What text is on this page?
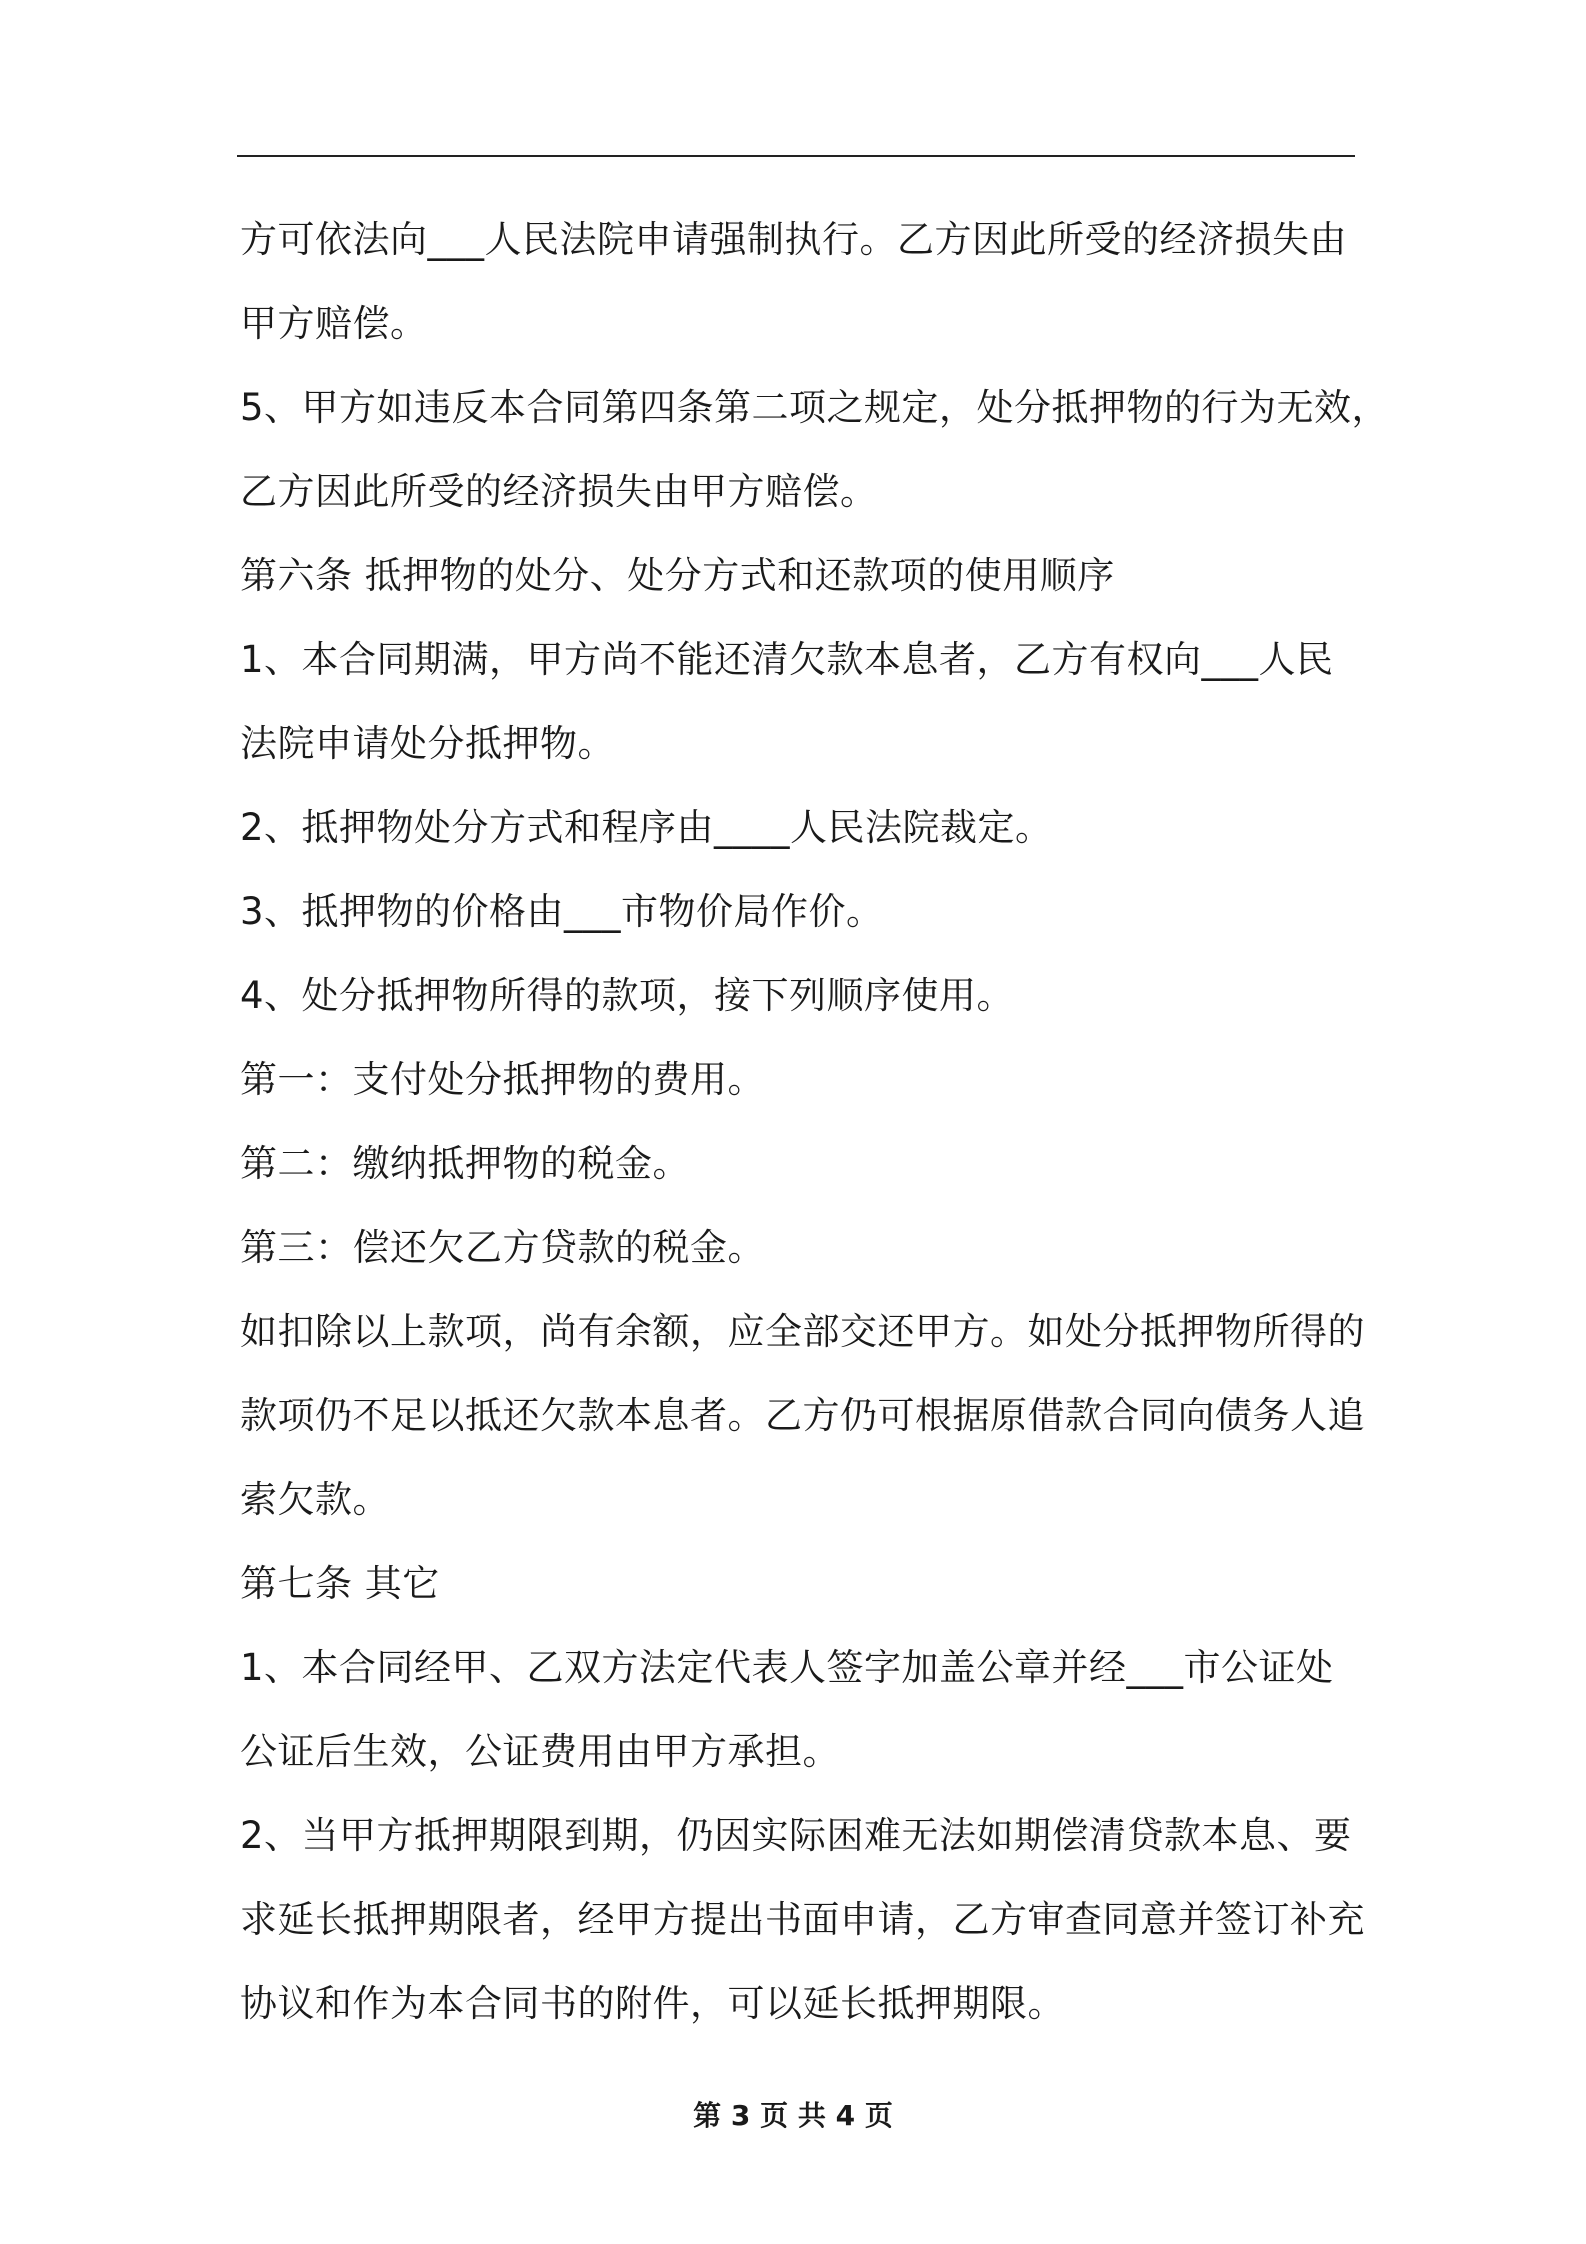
方可依法向___人民法院申请强制执行。乙方因此所受的经济损失由
甲方赔偿。
5、甲方如违反本合同第四条第二项之规定，处分抵押物的行为无效，
乙方因此所受的经济损失由甲方赔偿。
第六条 抵押物的处分、处分方式和还款项的使用顺序
1、本合同期满，甲方尚不能还清欠款本息者，乙方有权向___人民
法院申请处分抵押物。
2、抵押物处分方式和程序由____人民法院裁定。
3、抵押物的价格由___市物价局作价。
4、处分抵押物所得的款项，接下列顺序使用。
第一：支付处分抵押物的费用。
第二：缴纳抵押物的税金。
第三：偿还欠乙方贷款的税金。
如扣除以上款项，尚有余额，应全部交还甲方。如处分抵押物所得的
款项仍不足以抵还欠款本息者。乙方仍可根据原借款合同向债务人追
索欠款。
第七条 其它
1、本合同经甲、乙双方法定代表人签字加盖公章并经___市公证处
公证后生效，公证费用由甲方承担。
2、当甲方抵押期限到期，仍因实际困难无法如期偿清贷款本息、要
求延长抵押期限者，经甲方提出书面申请，乙方审查同意并签订补充
协议和作为本合同书的附件，可以延长抵押期限。
第 3 页 共 4 页
